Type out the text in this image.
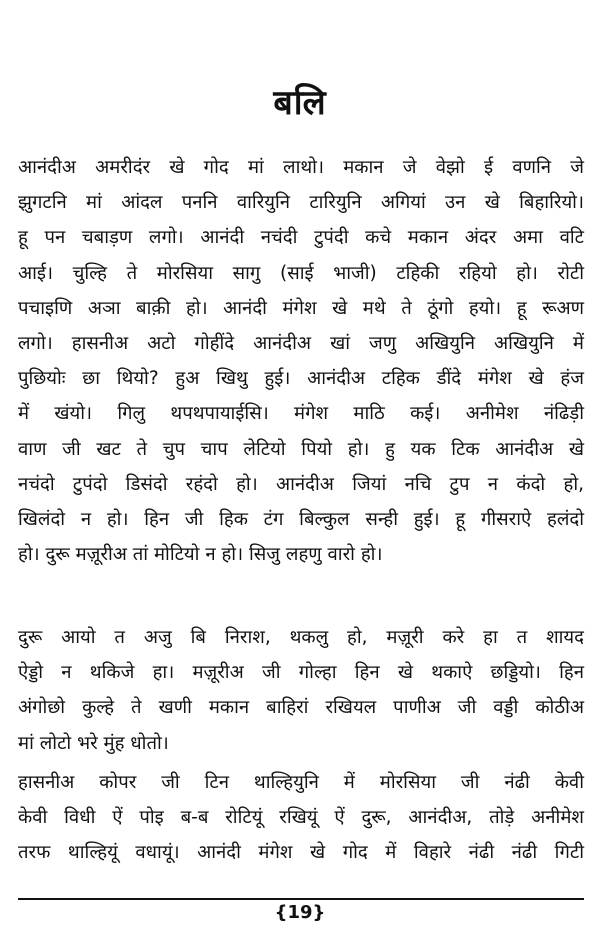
बलि
आनंदीअ अमरीदंर खे गोद मां लाथो। मकान जे वेझो ई वणनि जे
झुगटनि मां आंदल पननि वारियुनि टारियुनि अगियां उन खे बिहारियो।
हू पन चबाड़ण लगो। आनंदी नचंदी टुपंदी कचे मकान अंदर अमा वटि
आई। चुल्हि ते मोरसिया सागु (साई भाजी) टहिकी रहियो हो। रोटी
पचाइणि अञा बाक़ी हो। आनंदी मंगेश खे मथे ते ठूंगो हयो। हू रूअण
लगो। हासनीअ अटो गोहींदे आनंदीअ खां जणु अखियुनि अखियुनि में
पुछियोः छा थियो? हुअ खिथु हुई। आनंदीअ टहिक डींदे मंगेश खे हंज
में खंयो। गिलु थपथपायाईसि। मंगेश माठि कई। अनीमेश नंढिड़ी
वाण जी खट ते चुप चाप लेटियो पियो हो। हु यक टिक आनंदीअ खे
नचंदो टुपंदो डिसंदो रहंदो हो। आनंदीअ जियां नचि टुप न कंदो हो,
खिलंदो न हो। हिन जी हिक टंग बिल्कुल सन्ही हुई। हू गीसराऐ हलंदो
हो। दुरू मज़ूरीअ तां मोटियो न हो। सिजु लहणु वारो हो।
दुरू आयो त अजु बि निराश, थकलु हो, मज़ूरी करे हा त शायद
ऐड्डो न थकिजे हा। मज़ूरीअ जी गोल्हा हिन खे थकाऐ छड्डियो। हिन
अंगोछो कुल्हे ते खणी मकान बाहिरां रखियल पाणीअ जी वड्डी कोठीअ
मां लोटो भरे मुंह धोतो।
हासनीअ कोपर जी टिन थाल्हियुनि में मोरसिया जी नंढी केवी
केवी विधी ऐं पोइ ब-ब रोटियूं रखियूं ऐं दुरू, आनंदीअ, तोड़े अनीमेश
तरफ थाल्हियूं वधायूं। आनंदी मंगेश खे गोद में विहारे नंढी नंढी गिटी
{19}
